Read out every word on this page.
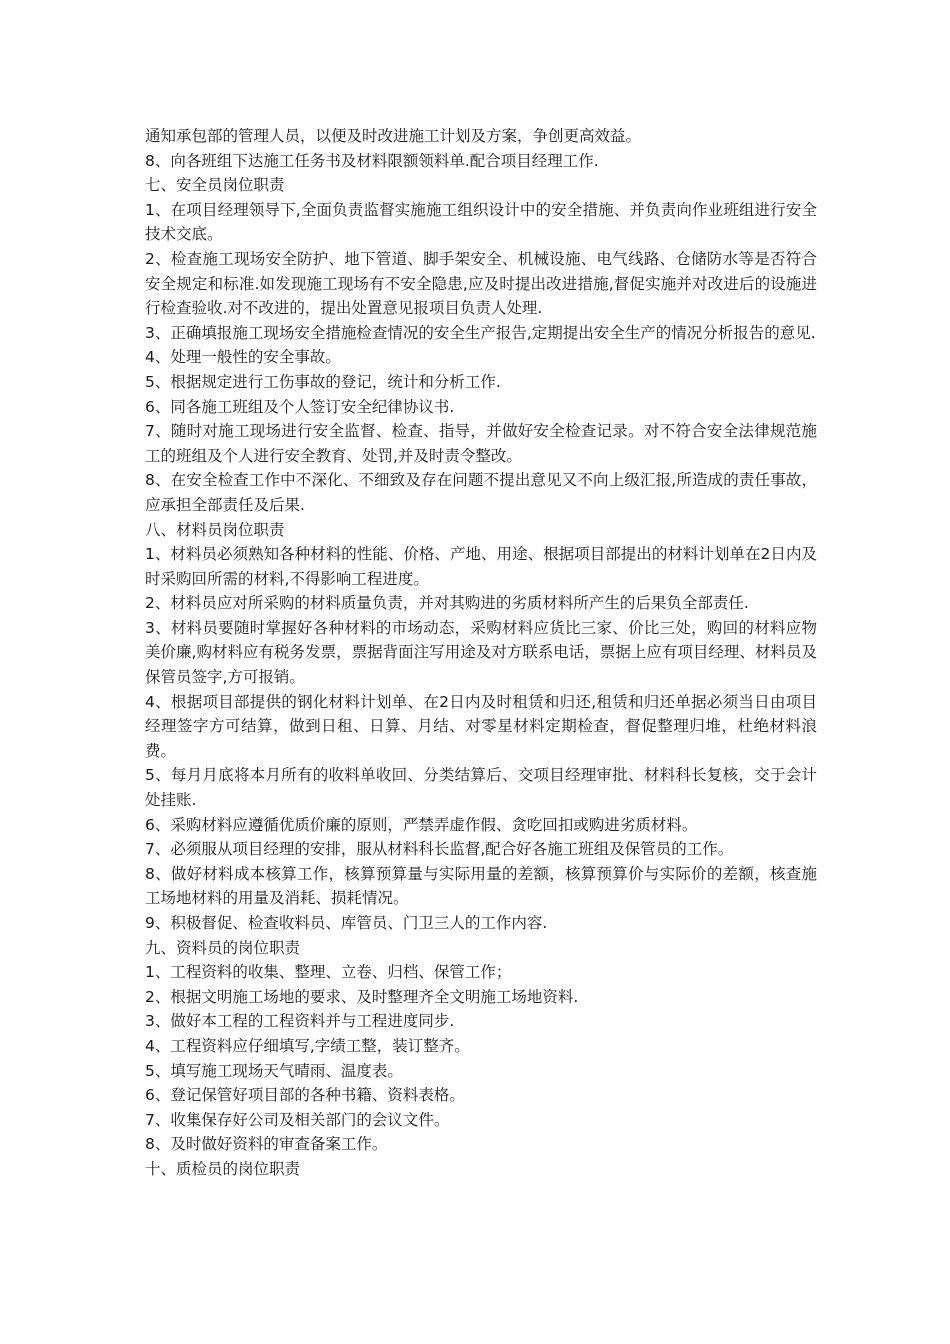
通知承包部的管理人员，以便及时改进施工计划及方案，争创更高效益。

8、向各班组下达施工任务书及材料限额领料单.配合项目经理工作.

七、安全员岗位职责

1、在项目经理领导下,全面负责监督实施施工组织设计中的安全措施、并负责向作业班组进行安全技术交底。

2、检查施工现场安全防护、地下管道、脚手架安全、机械设施、电气线路、仓储防水等是否符合安全规定和标准.如发现施工现场有不安全隐患,应及时提出改进措施,督促实施并对改进后的设施进行检查验收.对不改进的，提出处置意见报项目负责人处理.

3、正确填报施工现场安全措施检查情况的安全生产报告,定期提出安全生产的情况分析报告的意见.

4、处理一般性的安全事故。

5、根据规定进行工伤事故的登记，统计和分析工作.

6、同各施工班组及个人签订安全纪律协议书.

7、随时对施工现场进行安全监督、检查、指导，并做好安全检查记录。对不符合安全法律规范施工的班组及个人进行安全教育、处罚,并及时责令整改。

8、在安全检查工作中不深化、不细致及存在问题不提出意见又不向上级汇报,所造成的责任事故，应承担全部责任及后果.

八、材料员岗位职责

1、材料员必须熟知各种材料的性能、价格、产地、用途、根据项目部提出的材料计划单在2日内及时采购回所需的材料,不得影响工程进度。

2、材料员应对所采购的材料质量负责，并对其购进的劣质材料所产生的后果负全部责任.

3、材料员要随时掌握好各种材料的市场动态，采购材料应货比三家、价比三处，购回的材料应物美价廉,购材料应有税务发票，票据背面注写用途及对方联系电话，票据上应有项目经理、材料员及保管员签字,方可报销。

4、根据项目部提供的钢化材料计划单、在2日内及时租赁和归还,租赁和归还单据必须当日由项目经理签字方可结算，做到日租、日算、月结、对零星材料定期检查，督促整理归堆，杜绝材料浪费。

5、每月月底将本月所有的收料单收回、分类结算后、交项目经理审批、材料科长复核，交于会计处挂账.

6、采购材料应遵循优质价廉的原则，严禁弄虚作假、贪吃回扣或购进劣质材料。

7、必须服从项目经理的安排，服从材料科长监督,配合好各施工班组及保管员的工作。

8、做好材料成本核算工作，核算预算量与实际用量的差额，核算预算价与实际价的差额，核查施工场地材料的用量及消耗、损耗情况。

9、积极督促、检查收料员、库管员、门卫三人的工作内容.

九、资料员的岗位职责

1、工程资料的收集、整理、立卷、归档、保管工作；

2、根据文明施工场地的要求、及时整理齐全文明施工场地资料.

3、做好本工程的工程资料并与工程进度同步.

4、工程资料应仔细填写,字绩工整，装订整齐。

5、填写施工现场天气晴雨、温度表。

6、登记保管好项目部的各种书籍、资料表格。

7、收集保存好公司及相关部门的会议文件。

8、及时做好资料的审查备案工作。

十、质检员的岗位职责
